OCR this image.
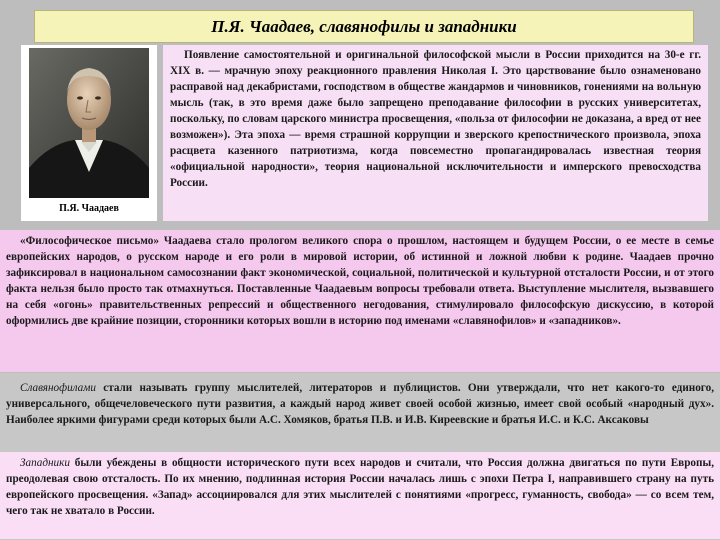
П.Я. Чаадаев, славянофилы и западники
П.Я. Чаадаев

Появление самостоятельной и оригинальной философской мысли в России приходится на 30-е гг. XIX в. — мрачную эпоху реакционного правления Николая I. Это царствование было ознаменовано расправой над декабристами, господством в обществе жандармов и чиновников, гонениями на вольную мысль (так, в это время даже было запрещено преподавание философии в русских университетах, поскольку, по словам царского министра просвещения, «польза от философии не доказана, а вред от нее возможен»). Эта эпоха — время страшной коррупции и зверского крепостнического произвола, эпоха расцвета казенного патриотизма, когда повсеместно пропагандировалась известная теория «официальной народности», теория национальной исключительности и имперского превосходства России.

«Философическое письмо» Чаадаева стало прологом великого спора о прошлом, настоящем и будущем России, о ее месте в семье европейских народов, о русском народе и его роли в мировой истории, об истинной и ложной любви к родине. Чаадаев прочно зафиксировал в национальном самосознании факт экономической, социальной, политической и культурной отсталости России, и от этого факта нельзя было просто так отмахнуться. Поставленные Чаадаевым вопросы требовали ответа. Выступление мыслителя, вызвавшего на себя «огонь» правительственных репрессий и общественного негодования, стимулировало философскую дискуссию, в которой оформились две крайние позиции, сторонники которых вошли в историю под именами «славянофилов» и «западников».

Славянофилами стали называть группу мыслителей, литераторов и публицистов. Они утверждали, что нет какого-то единого, универсального, общечеловеческого пути развития, а каждый народ живет своей особой жизнью, имеет свой особый «народный дух». Наиболее яркими фигурами среди которых были А.С. Хомяков, братья П.В. и И.В. Киреевские и братья И.С. и К.С. Аксаковы

Западники были убеждены в общности исторического пути всех народов и считали, что Россия должна двигаться по пути Европы, преодолевая свою отсталость. По их мнению, подлинная история России началась лишь с эпохи Петра I, направившего страну на путь европейского просвещения. «Запад» ассоциировался для этих мыслителей с понятиями «прогресс, гуманность, свобода» — со всем тем, чего так не хватало в России.
